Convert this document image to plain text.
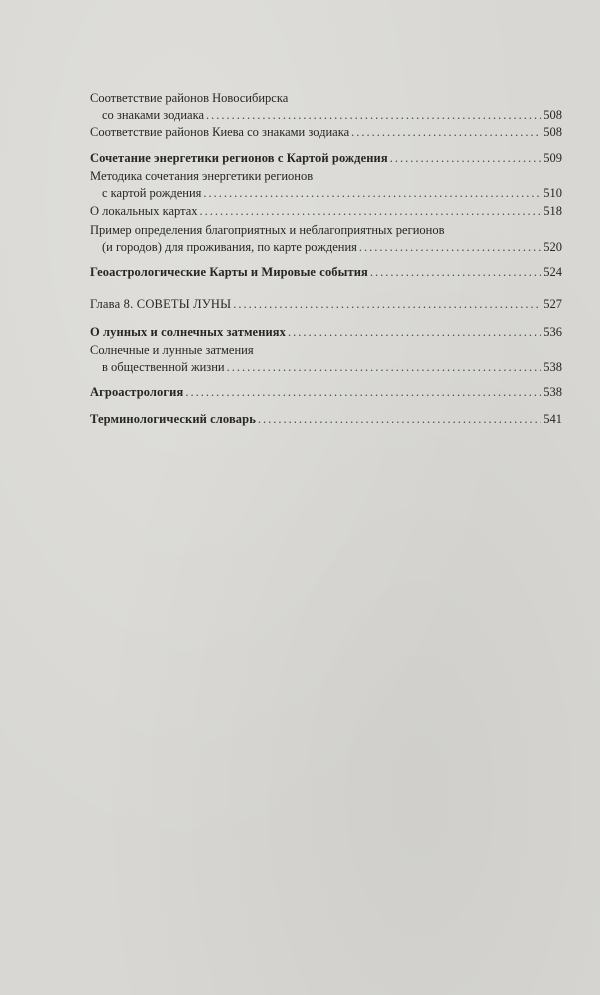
Соответствие районов Новосибирска
со знаками зодиака .....	508
Соответствие районов Киева со знаками зодиака .....	508
Сочетание энергетики регионов с Картой рождения .....	509
Методика сочетания энергетики регионов
с картой рождения .....	510
О локальных картах .....	518
Пример определения благоприятных и неблагоприятных регионов
(и городов) для проживания, по карте рождения .....	520
Геоастрологические Карты и Мировые события .....	524
Глава 8. СОВЕТЫ ЛУНЫ .....	527
О лунных и солнечных затмениях .....	536
Солнечные и лунные затмения
в общественной жизни .....	538
Агроастрология .....	538
Терминологический словарь .....	541
